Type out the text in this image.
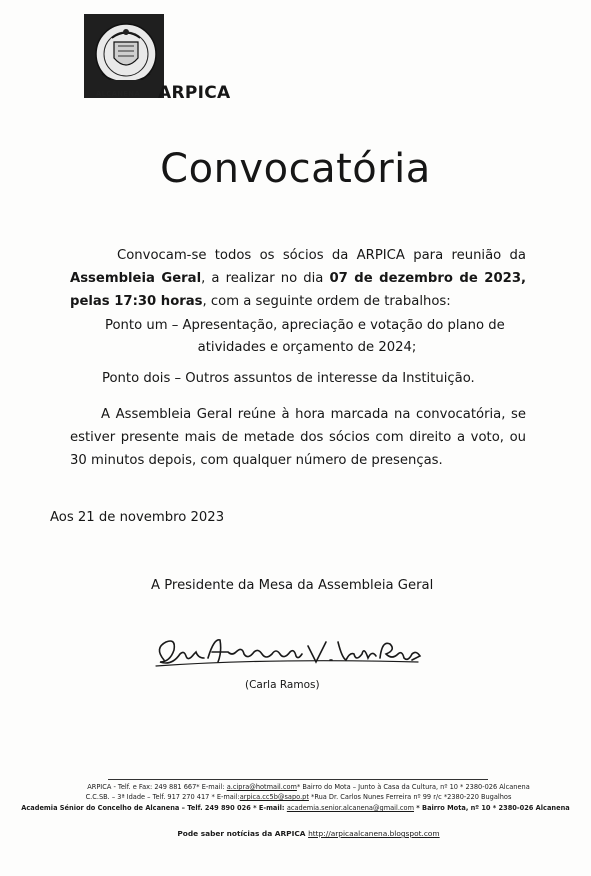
ALCANENA ARPICA
Convocatória
Convocam-se todos os sócios da ARPICA para reunião da Assembleia Geral, a realizar no dia 07 de dezembro de 2023, pelas 17:30 horas, com a seguinte ordem de trabalhos:
Ponto um – Apresentação, apreciação e votação do plano de
atividades e orçamento de 2024;
Ponto dois – Outros assuntos de interesse da Instituição.
A Assembleia Geral reúne à hora marcada na convocatória, se estiver presente mais de metade dos sócios com direito a voto, ou 30 minutos depois, com qualquer número de presenças.
Aos 21 de novembro 2023
A Presidente da Mesa da Assembleia Geral
(Carla Ramos)
ARPICA - Telf. e Fax: 249 881 667* E-mail: a.cipra@hotmail.com* Bairro do Mota – Junto à Casa da Cultura, nº 10 * 2380-026 Alcanena
C.C.SB. – 3ª Idade – Telf. 917 270 417 * E-mail:arpica.cc5b@sapo.pt *Rua Dr. Carlos Nunes Ferreira nº 99 r/c *2380-220 Bugalhos
Academia Sénior do Concelho de Alcanena – Telf. 249 890 026 * E-mail: academia.senior.alcanena@gmail.com * Bairro Mota, nº 10 * 2380-026 Alcanena
Pode saber notícias da ARPICA http://arpicaalcanena.blogspot.com
